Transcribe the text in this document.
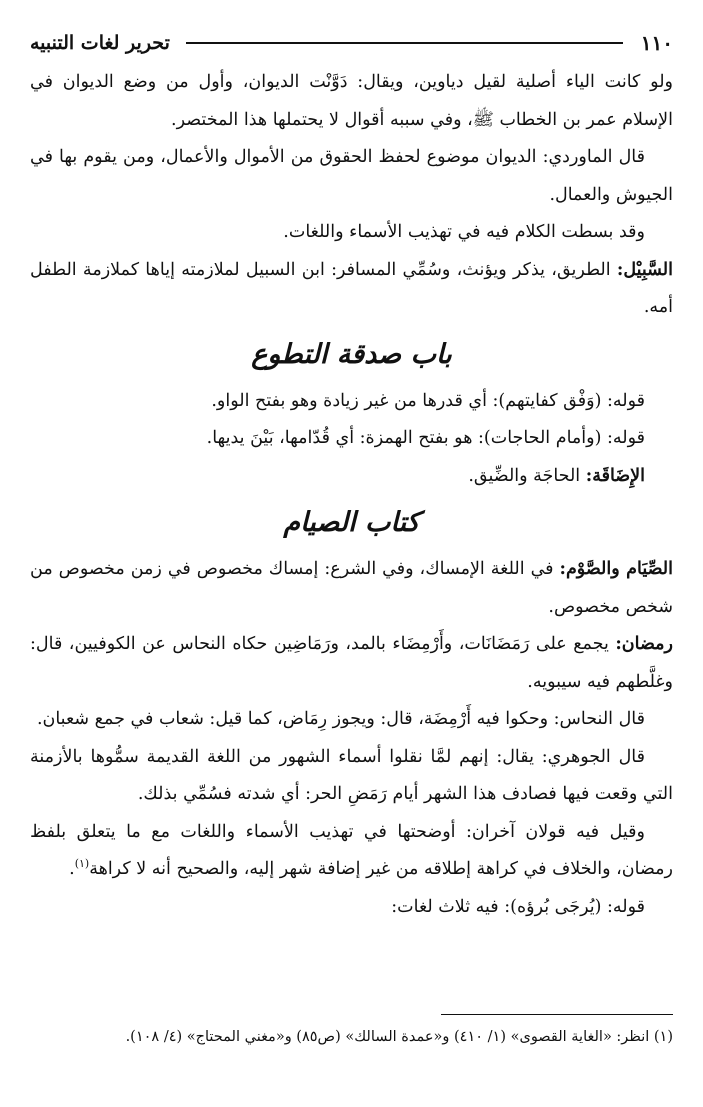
١١٠
تحرير لغات التنبيه

ولو كانت الياء أصلية لقيل دياوين، ويقال: دَوَّنْت الديوان، وأول من وضع الديوان في الإسلام عمر بن الخطاب ﷺ، وفي سببه أقوال لا يحتملها هذا المختصر.

قال الماوردي: الديوان موضوع لحفظ الحقوق من الأموال والأعمال، ومن يقوم بها في الجيوش والعمال.

وقد بسطت الكلام فيه في تهذيب الأسماء واللغات.

السَّبِيْل: الطريق، يذكر ويؤنث، وسُمِّي المسافر: ابن السبيل لملازمته إياها كملازمة الطفل أمه.

باب صدقة التطوع

قوله: (وَفْق كفايتهم): أي قدرها من غير زيادة وهو بفتح الواو.

قوله: (وأمام الحاجات): هو بفتح الهمزة: أي قُدّامها، بَيْنَ يديها.

الإِضَاقَة: الحاجَة والضِّيق.

كتاب الصيام

الصِّيَام والصَّوْم: في اللغة الإمساك، وفي الشرع: إمساك مخصوص في زمن مخصوص من شخص مخصوص.

رمضان: يجمع على رَمَضَانَات، وأَرْمِضَاء بالمد، ورَمَاضِين حكاه النحاس عن الكوفيين، قال: وغلَّطهم فيه سيبويه.

قال النحاس: وحكوا فيه أَرْمِضَة، قال: ويجوز رِمَاض، كما قيل: شعاب في جمع شعبان.

قال الجوهري: يقال: إنهم لمَّا نقلوا أسماء الشهور من اللغة القديمة سمُّوها بالأزمنة التي وقعت فيها فصادف هذا الشهر أيام رَمَضِ الحر: أي شدته فسُمِّي بذلك.

وقيل فيه قولان آخران: أوضحتها في تهذيب الأسماء واللغات مع ما يتعلق بلفظ رمضان، والخلاف في كراهة إطلاقه من غير إضافة شهر إليه، والصحيح أنه لا كراهة$^{(١)}$.

قوله: (يُرجَى بُرؤه): فيه ثلاث لغات:

(١) انظر: «الغاية القصوى» (١/ ٤١٠) و«عمدة السالك» (ص٨٥) و«مغني المحتاج» (٤/ ١٠٨).
